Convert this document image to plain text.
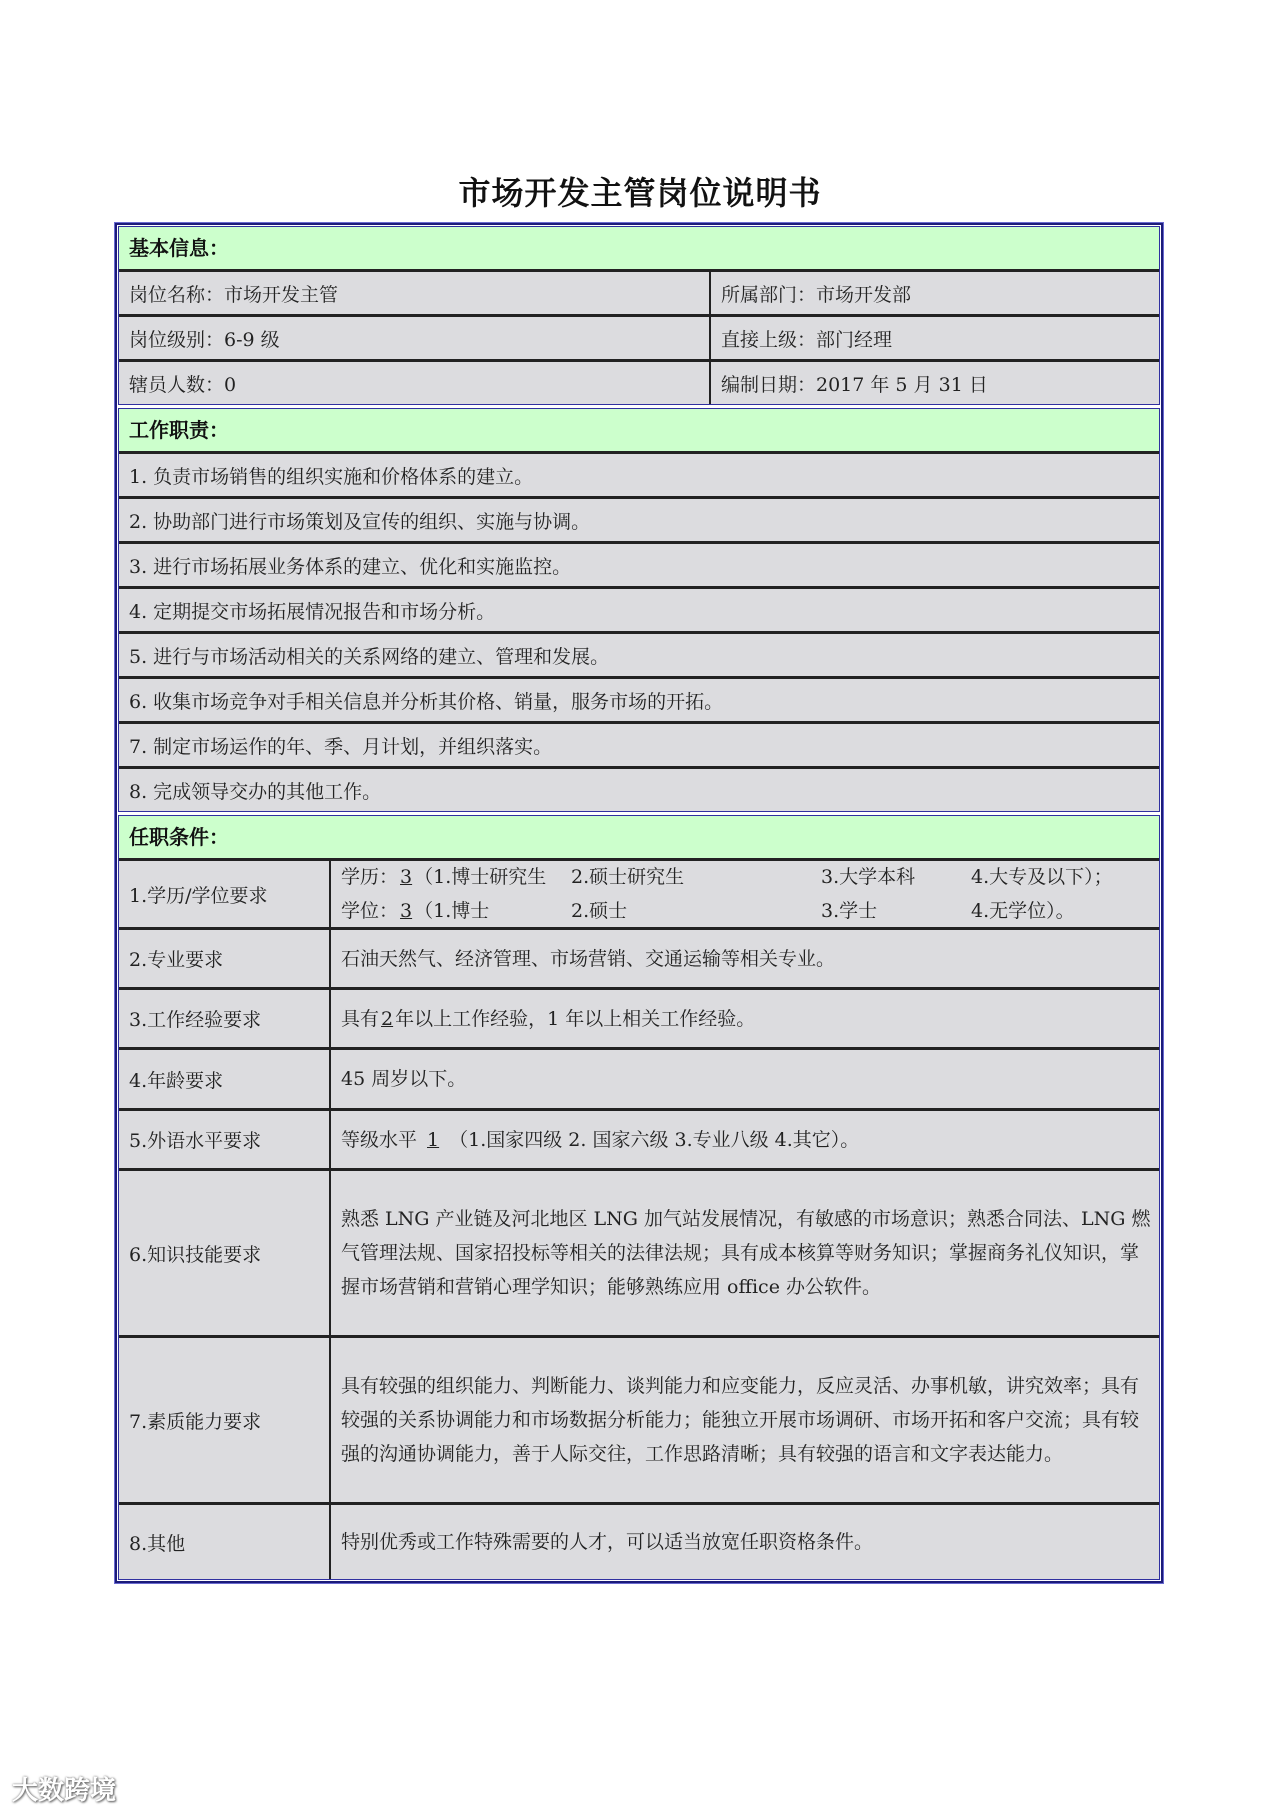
市场开发主管岗位说明书
基本信息：
岗位名称：市场开发主管	所属部门：市场开发部
岗位级别：6-9 级	直接上级：部门经理
辖员人数：0	编制日期：2017 年 5 月 31 日
工作职责：
1. 负责市场销售的组织实施和价格体系的建立。
2. 协助部门进行市场策划及宣传的组织、实施与协调。
3. 进行市场拓展业务体系的建立、优化和实施监控。
4. 定期提交市场拓展情况报告和市场分析。
5. 进行与市场活动相关的关系网络的建立、管理和发展。
6. 收集市场竞争对手相关信息并分析其价格、销量，服务市场的开拓。
7. 制定市场运作的年、季、月计划，并组织落实。
8. 完成领导交办的其他工作。
任职条件：
1.学历/学位要求
学历： 3 （1.博士研究生	2.硕士研究生	3.大学本科	4.大专及以下）；
学位： 3 （1.博士	2.硕士	3.学士	4.无学位）。
2.专业要求	石油天然气、经济管理、市场营销、交通运输等相关专业。
3.工作经验要求	具有 2 年以上工作经验，1 年以上相关工作经验。
4.年龄要求	45 周岁以下。
5.外语水平要求	等级水平 1 （1.国家四级 2. 国家六级 3.专业八级 4.其它）。
6.知识技能要求
熟悉 LNG 产业链及河北地区 LNG 加气站发展情况，有敏感的市场意识；熟悉合同法、LNG 燃气管理法规、国家招投标等相关的法律法规；具有成本核算等财务知识；掌握商务礼仪知识，掌握市场营销和营销心理学知识；能够熟练应用 office 办公软件。
7.素质能力要求
具有较强的组织能力、判断能力、谈判能力和应变能力，反应灵活、办事机敏，讲究效率；具有较强的关系协调能力和市场数据分析能力；能独立开展市场调研、市场开拓和客户交流；具有较强的沟通协调能力，善于人际交往，工作思路清晰；具有较强的语言和文字表达能力。
8.其他	特别优秀或工作特殊需要的人才，可以适当放宽任职资格条件。
大数跨境
